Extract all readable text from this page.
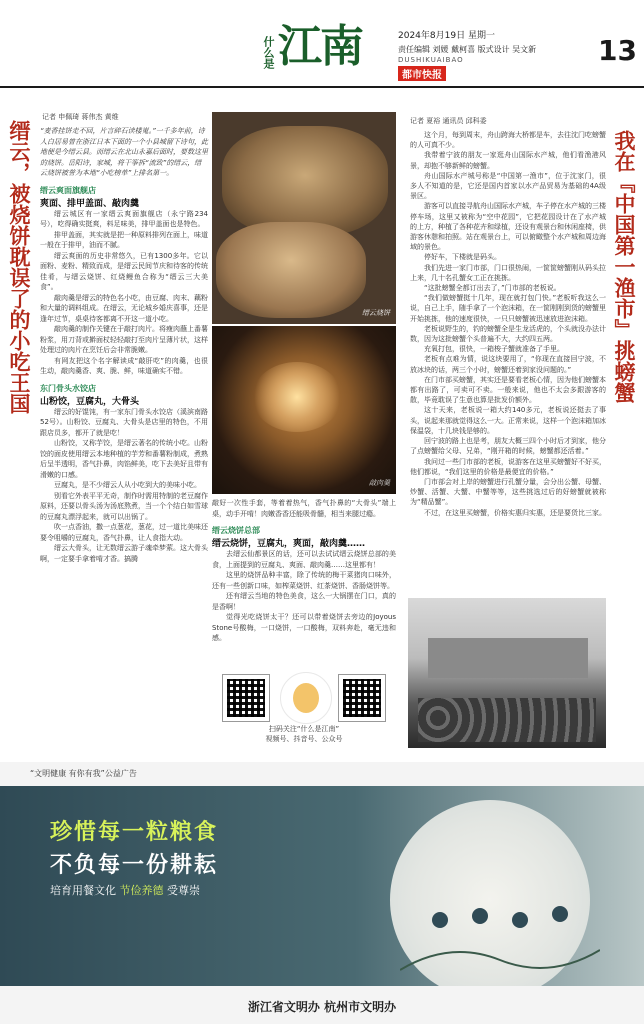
什么是 江南	2024年8月19日 星期一
责任编辑 刘媛 戴柯喜 版式设计 吴文新
DUSHIKUAIBAO
都市快报
13
缙云，被烧饼耽误了的小吃王国
记者 申佩琦 蒋伟杰 黄维
“麦香挂饼走不回，片言碎石读楼嵬。”一千多年前，诗人白居易曾在浙江日本下面的一个小县城留下诗句，此地便是今缙云县。而缙云在北山永嘉后面时，要数这里的烧饼。岳阳诗，家城，将干筝拆“流致”的缙云，缙云烧饼被誉为本地“小吃榜单”上排名第一。
缙云爽面旗舰店
爽面、排甲盖面、敲肉羹

缙云城区有一家缙云爽面旗舰店（永宁路234号），吃得确实挺爽，料足味美，排甲盖面也是特色。

排甲盖面，其实就是把一种原料排列在面上，味道一般在于排甲，油而不腻。

缙云爽面的历史非常悠久，已有1300多年。它以面粉、麦粉、精致而成，是缙云民间节庆和待客的传统佳肴，与缙云烧饼、红烧鳗鱼合称为“缙云三大美食”。

敲肉羹是缙云的特色名小吃，由豆腐、肉末、藕粉和大量的调料组成。在缙云，无论城乡婚庆喜事，还是逢年过节，桌桌待客都离不开这一道小吃。

敲肉羹的制作关键在于敲打肉片。将瘦肉蘸上番薯粉浆，用刀背或擀面杖轻轻敲打至肉片呈薄片状，这样处理过的肉片在烹饪后会非常脆嫩。

有网友把这个名字解读成“敲肝吃”的肉羹，也很生动，敲肉羹香、爽、脆、鲜，味道确实不错。

东门骨头水饺店
山粉饺，豆腐丸，大骨头

缙云的好馄饨，有一家东门骨头水饺店（溪滨南路52号）。山粉饺、豆腐丸、大骨头是店里的特色，不用跟店员多，都开了就是吃！

山粉饺，又称芋饺，是缙云著名的传统小吃。山粉饺的面皮使用缙云本地种植的芋芳和番薯粉制成，煮熟后呈半透明，香气扑鼻，肉馅鲜美，吃下去美好且带有滑嫩的口感。

豆腐丸，是不少缙云人从小吃到大的美味小吃。

别看它外表平平无奇，制作时需用特制的老豆腐作原料，还要以骨头汤为汤底熬煮，当一个个结白如雪球的豆腐丸漂浮起来，就可以出锅了。

吹一点香油，撒一点葱花，葱花，过一道比美味还要令咀嚼的豆腐丸，香气扑鼻，让人食指大动。

缙云大骨头，让无数缙云游子魂牵梦萦。这大骨头啊，一定要手拿着啃才香。搞腾

缙云烧饼
敲肉羹
敲好一次性手套，等着着热气，香气扑鼻的“大骨头”端上桌，动手开啃！肉嫩香香还能吸骨髓，相当来腿过瘾。
缙云烧饼总部
缙云烧饼，豆腐丸，爽面，敲肉羹……

去缙云仙都景区的话，还可以去试试缙云烧饼总部的美食，上面提到的豆腐丸、爽面、敲肉羹……这里都有！

这里的烧饼品种丰富，除了传统的梅干菜猪肉口味外，还有一些创新口味，如榨菜烧饼、红茶烧饼、香肠烧饼等。

还有缙云当地的特色美食，这么一大锅摆在门口，真的是香啊！

觉得光吃烧饼太干？还可以带着烧饼去旁边的Joyous Stone号酸梅，一口烧饼，一口酸梅，双料奔赴，毫无违和感。

扫码关注“什么是江南”
视频号、抖音号、公众号
我在『中国第一渔市』挑螃蟹
记者 夏裕 通讯员 邱科委

这个月，每到周末，舟山跨海大桥都是车，去往沈门吃螃蟹的人可真不少。

我带着宁波的朋友一家逛舟山国际水产城，他们看渔港风景，却抱不够新鲜的螃蟹。

舟山国际水产城号称是“中国第一渔市”，位于沈家门，很多人不知道的是，它还是国内首家以水产品贸易为基础的4A级景区。

游客可以直接寻航舟山国际水产城，车子停在水产城的三楼停车场，这里又被称为“空中花园”，它把花园设计在了水产城的上方，种植了各种花卉和绿植，还设有观景台和休闲座椅，供游客休憩和拍照。站在观景台上，可以俯瞰整个水产城和周边海域的景色。

停好车，下楼就是码头。

我们先进一家门市部，门口很热闹，一筐筐螃蟹刚从码头拉上来，几十名孔蟹女工正在挑拣。

“这批螃蟹全都订出去了，”门市部的老板说。

“我们做螃蟹挺十几年，现在就打包门快。”老板听我这么一说，自己上手，随手拿了一个泡沫箱，在一筐刚刚到货的螃蟹里开始挑拣，他的速度很快，一只只螃蟹被迅速放进泡沫箱。

老板说野生的，钓的螃蟹全是生龙活虎的，个头就没办法计数，因为这批螃蟹个头普遍不大，大约四五两。

充氧打包，很快，一箱梭子蟹就准备了手里。

老板有点难为情，说这块要用了，“你现在直接回宁波，不放冰块的话，两三个小时，螃蟹还着到家没问题的。”

在门市部买螃蟹，其实还是要看老板心情，因为他们螃蟹本都有出路了，可卖可不卖。一般来说，他也不太会多跟游客的散，毕竟耽误了生意也算是批发价额外。

这十天来，老板说一箱大约140多元，老板说还挺去了事头，说起来那就觉得这么一大。正常来说，这样一个泡沫箱加冰保温袋，十几块钱是够的。

回宁波的路上也是考，朋友大概三四个小时后才到家，他分了点螃蟹给父母、兄弟，“刚开箱的时候，螃蟹都还活着。”

我问过一些门市部的老板，说游客在这里买螃蟹好不好买，他们都说，“我们这里的价格是最便宜的价格。”

门市部会对上岸的螃蟹进行孔蟹分量，会分出公蟹、母蟹、炒蟹、活蟹、大蟹、中蟹等等，这些挑选过后的好螃蟹就被称为“精品蟹”。

不过，在这里买螃蟹，价格实惠归实惠，还是要货比三家。

“文明健康 有你有我”公益广告
珍惜每一粒粮食
不负每一份耕耘
培育用餐文化 节俭养德 受尊崇
浙江省文明办 杭州市文明办
